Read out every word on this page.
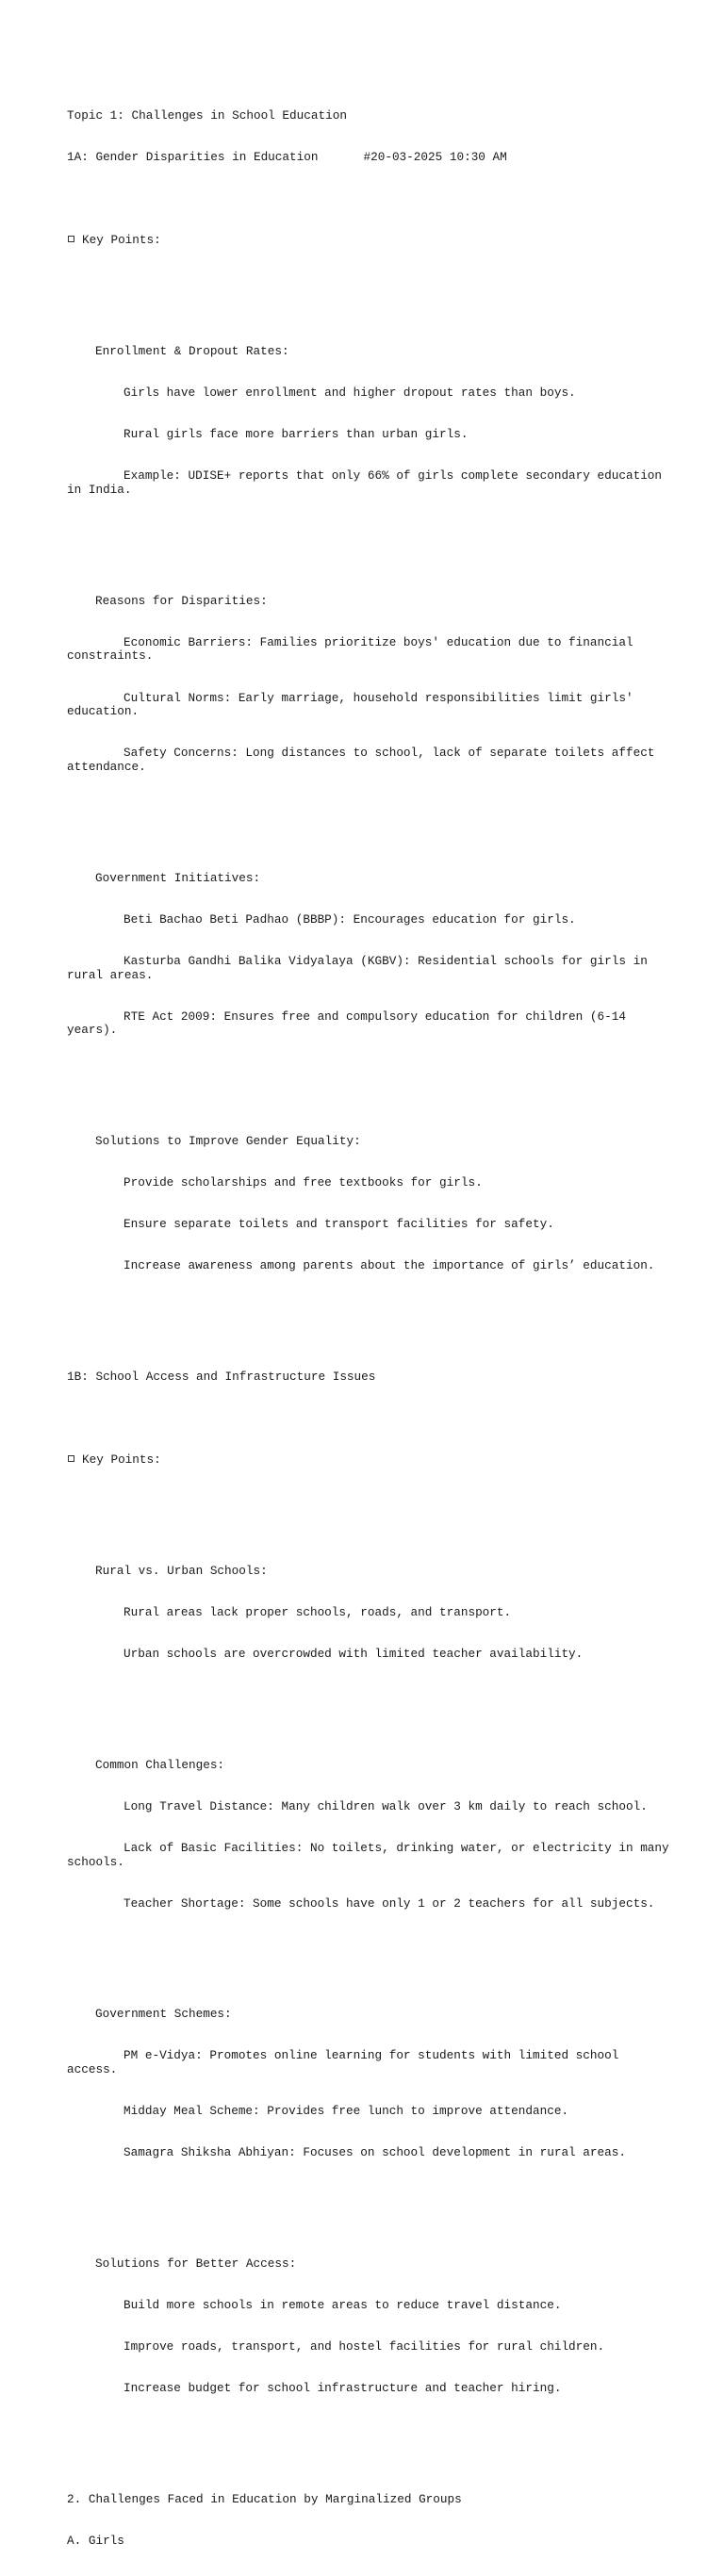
Topic 1: Challenges in School Education

1A: Gender Disparities in Education	#20-03-2025 10:30 AM

Key Points:

Enrollment & Dropout Rates:

Girls have lower enrollment and higher dropout rates than boys.

Rural girls face more barriers than urban girls.

Example: UDISE+ reports that only 66% of girls complete secondary education in India.

Reasons for Disparities:

Economic Barriers: Families prioritize boys' education due to financial constraints.

Cultural Norms: Early marriage, household responsibilities limit girls' education.

Safety Concerns: Long distances to school, lack of separate toilets affect attendance.

Government Initiatives:

Beti Bachao Beti Padhao (BBBP): Encourages education for girls.

Kasturba Gandhi Balika Vidyalaya (KGBV): Residential schools for girls in rural areas.

RTE Act 2009: Ensures free and compulsory education for children (6-14 years).

Solutions to Improve Gender Equality:

Provide scholarships and free textbooks for girls.

Ensure separate toilets and transport facilities for safety.

Increase awareness among parents about the importance of girls’ education.

1B: School Access and Infrastructure Issues

Key Points:

Rural vs. Urban Schools:

Rural areas lack proper schools, roads, and transport.

Urban schools are overcrowded with limited teacher availability.

Common Challenges:

Long Travel Distance: Many children walk over 3 km daily to reach school.

Lack of Basic Facilities: No toilets, drinking water, or electricity in many schools.

Teacher Shortage: Some schools have only 1 or 2 teachers for all subjects.

Government Schemes:

PM e-Vidya: Promotes online learning for students with limited school access.

Midday Meal Scheme: Provides free lunch to improve attendance.

Samagra Shiksha Abhiyan: Focuses on school development in rural areas.

Solutions for Better Access:

Build more schools in remote areas to reduce travel distance.

Improve roads, transport, and hostel facilities for rural children.

Increase budget for school infrastructure and teacher hiring.

2. Challenges Faced in Education by Marginalized Groups

A. Girls
